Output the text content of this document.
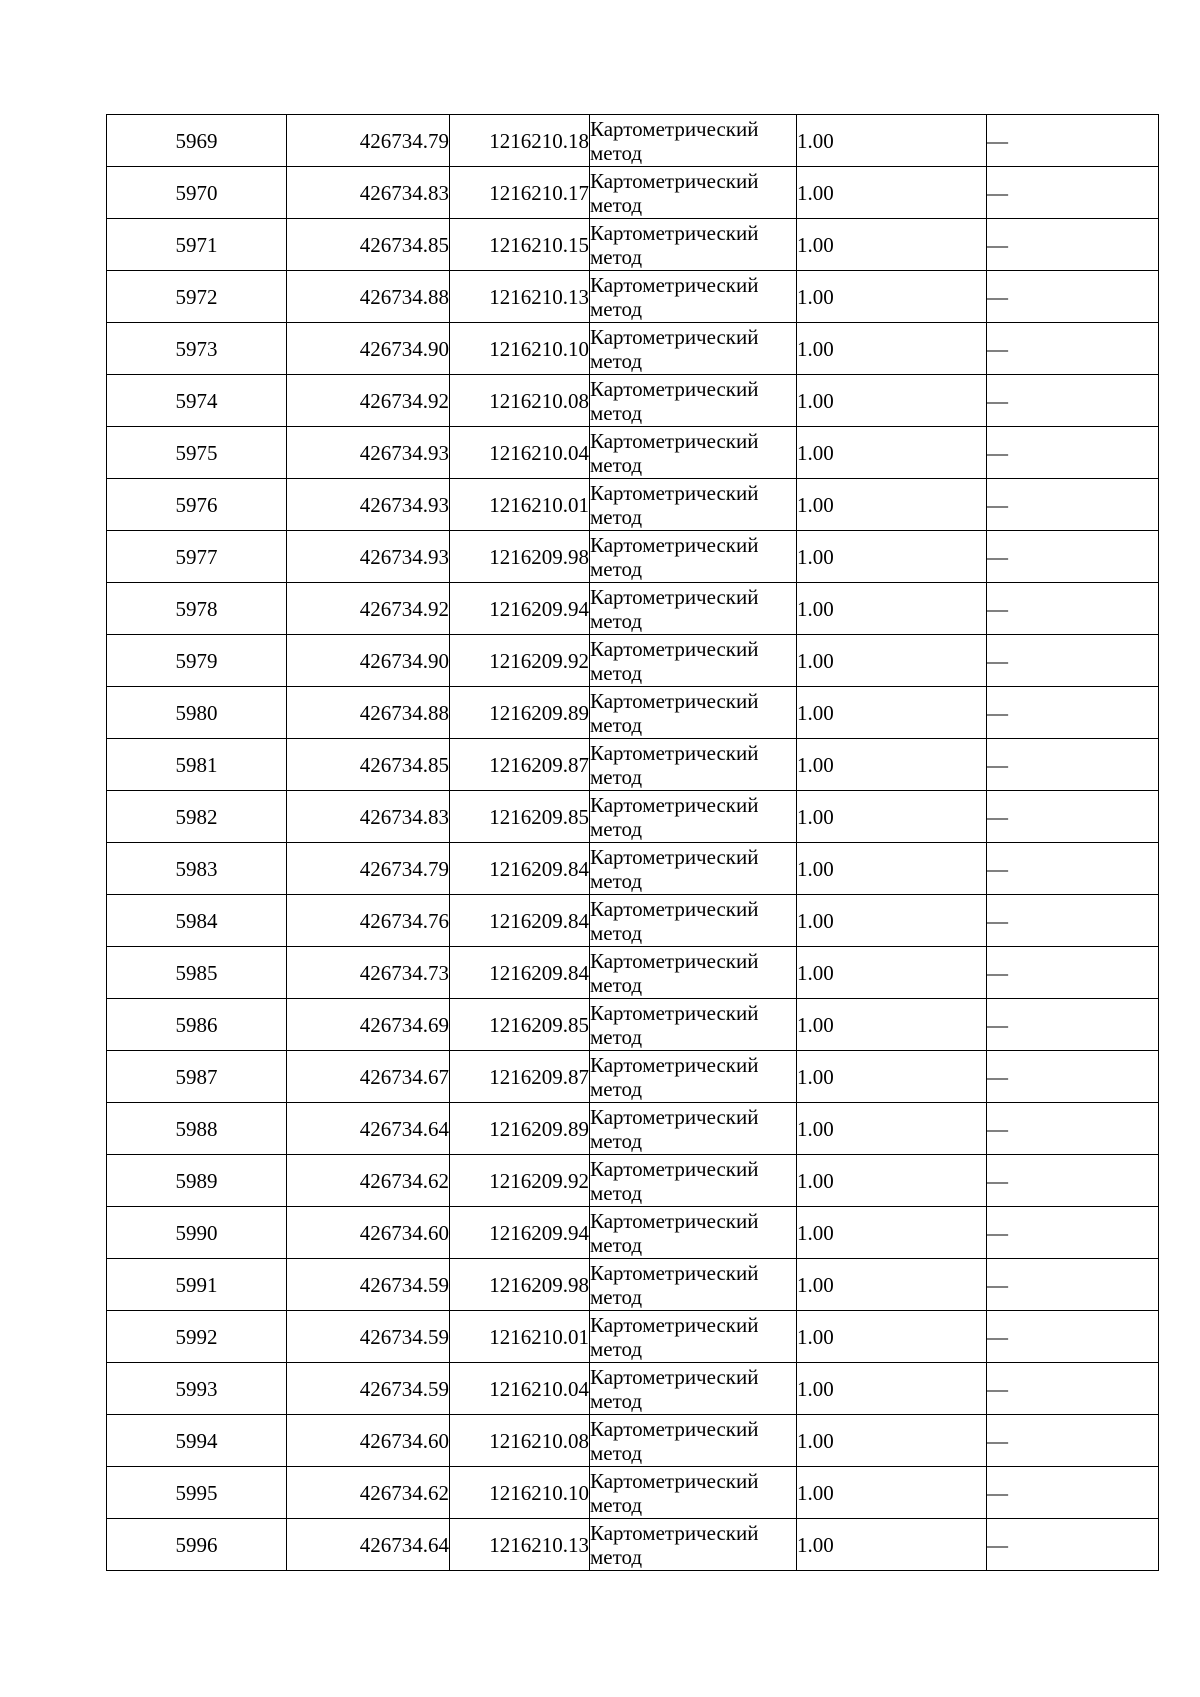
5969	426734.79	1216210.18	Картометрический
метод	1.00	—
5970	426734.83	1216210.17	Картометрический
метод	1.00	—
5971	426734.85	1216210.15	Картометрический
метод	1.00	—
5972	426734.88	1216210.13	Картометрический
метод	1.00	—
5973	426734.90	1216210.10	Картометрический
метод	1.00	—
5974	426734.92	1216210.08	Картометрический
метод	1.00	—
5975	426734.93	1216210.04	Картометрический
метод	1.00	—
5976	426734.93	1216210.01	Картометрический
метод	1.00	—
5977	426734.93	1216209.98	Картометрический
метод	1.00	—
5978	426734.92	1216209.94	Картометрический
метод	1.00	—
5979	426734.90	1216209.92	Картометрический
метод	1.00	—
5980	426734.88	1216209.89	Картометрический
метод	1.00	—
5981	426734.85	1216209.87	Картометрический
метод	1.00	—
5982	426734.83	1216209.85	Картометрический
метод	1.00	—
5983	426734.79	1216209.84	Картометрический
метод	1.00	—
5984	426734.76	1216209.84	Картометрический
метод	1.00	—
5985	426734.73	1216209.84	Картометрический
метод	1.00	—
5986	426734.69	1216209.85	Картометрический
метод	1.00	—
5987	426734.67	1216209.87	Картометрический
метод	1.00	—
5988	426734.64	1216209.89	Картометрический
метод	1.00	—
5989	426734.62	1216209.92	Картометрический
метод	1.00	—
5990	426734.60	1216209.94	Картометрический
метод	1.00	—
5991	426734.59	1216209.98	Картометрический
метод	1.00	—
5992	426734.59	1216210.01	Картометрический
метод	1.00	—
5993	426734.59	1216210.04	Картометрический
метод	1.00	—
5994	426734.60	1216210.08	Картометрический
метод	1.00	—
5995	426734.62	1216210.10	Картометрический
метод	1.00	—
5996	426734.64	1216210.13	Картометрический
метод	1.00	—
